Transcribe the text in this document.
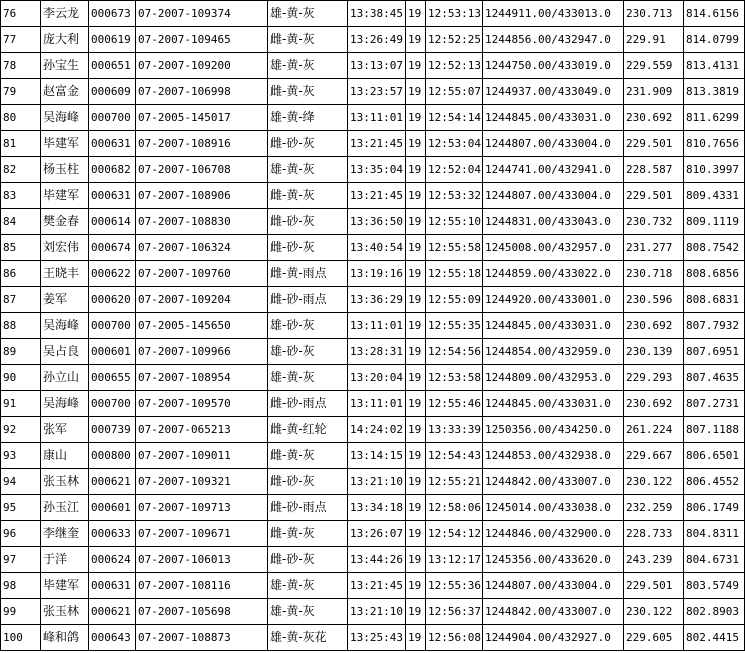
76	李云龙	000673	07-2007-109374	雄-黄-灰	13:38:45	19	12:53:13	1244911.00/433013.0	230.713	814.6156
77	庞大利	000619	07-2007-109465	雌-黄-灰	13:26:49	19	12:52:25	1244856.00/432947.0	229.91	814.0799
78	孙宝生	000651	07-2007-109200	雄-黄-灰	13:13:07	19	12:52:13	1244750.00/433019.0	229.559	813.4131
79	赵富金	000609	07-2007-106998	雌-黄-灰	13:23:57	19	12:55:07	1244937.00/433049.0	231.909	813.3819
80	吴海峰	000700	07-2005-145017	雄-黄-绛	13:11:01	19	12:54:14	1244845.00/433031.0	230.692	811.6299
81	毕建军	000631	07-2007-108916	雌-砂-灰	13:21:45	19	12:53:04	1244807.00/433004.0	229.501	810.7656
82	杨玉柱	000682	07-2007-106708	雄-黄-灰	13:35:04	19	12:52:04	1244741.00/432941.0	228.587	810.3997
83	毕建军	000631	07-2007-108906	雌-黄-灰	13:21:45	19	12:53:32	1244807.00/433004.0	229.501	809.4331
84	樊金春	000614	07-2007-108830	雌-砂-灰	13:36:50	19	12:55:10	1244831.00/433043.0	230.732	809.1119
85	刘宏伟	000674	07-2007-106324	雌-砂-灰	13:40:54	19	12:55:58	1245008.00/432957.0	231.277	808.7542
86	王晓丰	000622	07-2007-109760	雌-黄-雨点	13:19:16	19	12:55:18	1244859.00/433022.0	230.718	808.6856
87	姜军	000620	07-2007-109204	雌-砂-雨点	13:36:29	19	12:55:09	1244920.00/433001.0	230.596	808.6831
88	吴海峰	000700	07-2005-145650	雄-砂-灰	13:11:01	19	12:55:35	1244845.00/433031.0	230.692	807.7932
89	吴占良	000601	07-2007-109966	雄-砂-灰	13:28:31	19	12:54:56	1244854.00/432959.0	230.139	807.6951
90	孙立山	000655	07-2007-108954	雄-黄-灰	13:20:04	19	12:53:58	1244809.00/432953.0	229.293	807.4635
91	吴海峰	000700	07-2007-109570	雌-砂-雨点	13:11:01	19	12:55:46	1244845.00/433031.0	230.692	807.2731
92	张军	000739	07-2007-065213	雌-黄-红轮	14:24:02	19	13:33:39	1250356.00/434250.0	261.224	807.1188
93	康山	000800	07-2007-109011	雌-黄-灰	13:14:15	19	12:54:43	1244853.00/432938.0	229.667	806.6501
94	张玉林	000621	07-2007-109321	雌-砂-灰	13:21:10	19	12:55:21	1244842.00/433007.0	230.122	806.4552
95	孙玉江	000601	07-2007-109713	雌-砂-雨点	13:34:18	19	12:58:06	1245014.00/433038.0	232.259	806.1749
96	李继奎	000633	07-2007-109671	雌-黄-灰	13:26:07	19	12:54:12	1244846.00/432900.0	228.733	804.8311
97	于洋	000624	07-2007-106013	雌-砂-灰	13:44:26	19	13:12:17	1245356.00/433620.0	243.239	804.6731
98	毕建军	000631	07-2007-108116	雄-黄-灰	13:21:45	19	12:55:36	1244807.00/433004.0	229.501	803.5749
99	张玉林	000621	07-2007-105698	雄-黄-灰	13:21:10	19	12:56:37	1244842.00/433007.0	230.122	802.8903
100	峰和鸽	000643	07-2007-108873	雄-黄-灰花	13:25:43	19	12:56:08	1244904.00/432927.0	229.605	802.4415
